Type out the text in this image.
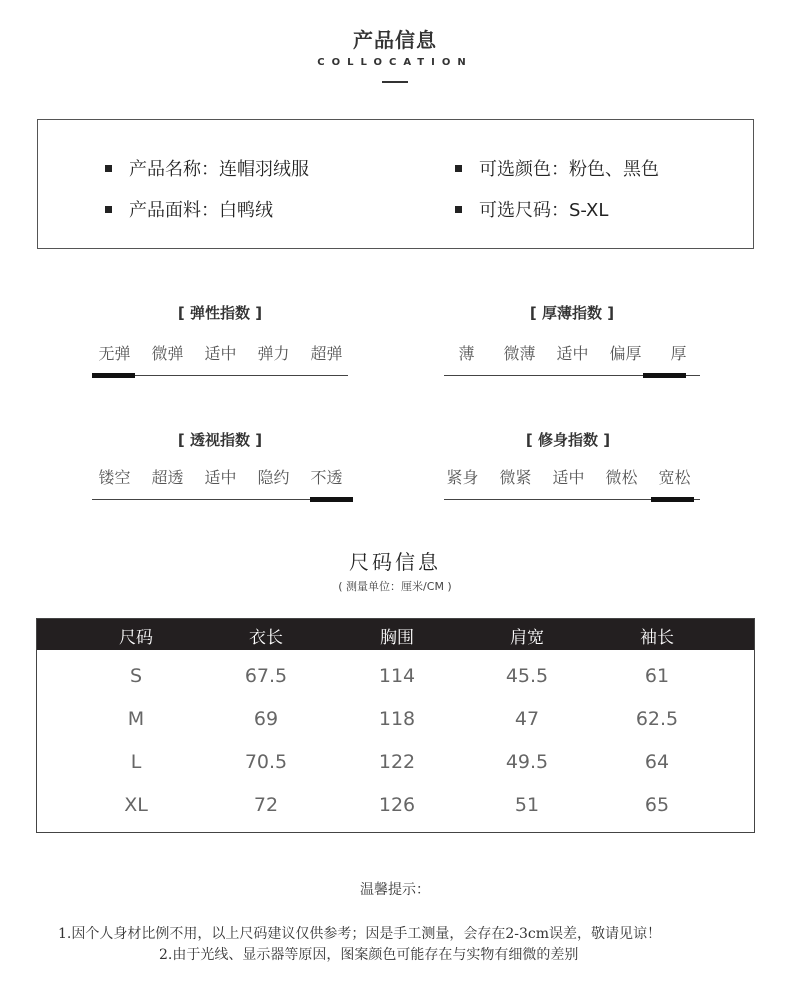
产品信息
COLLOCATION
产品名称：连帽羽绒服
产品面料：白鸭绒
可选颜色：粉色、黑色
可选尺码：S-XL
[ 弹性指数 ]
无弹	微弹	适中	弹力	超弹
[ 厚薄指数 ]
薄	微薄	适中	偏厚	厚
[ 透视指数 ]
镂空	超透	适中	隐约	不透
[ 修身指数 ]
紧身	微紧	适中	微松	宽松
尺码信息
( 测量单位：厘米/CM )
尺码	衣长	胸围	肩宽	袖长
S	67.5	114	45.5	61
M	69	118	47	62.5
L	70.5	122	49.5	64
XL	72	126	51	65
温馨提示：
1.因个人身材比例不用，以上尺码建议仅供参考；因是手工测量，会存在2-3cm误差，敬请见谅！
2.由于光线、显示器等原因，图案颜色可能存在与实物有细微的差别
